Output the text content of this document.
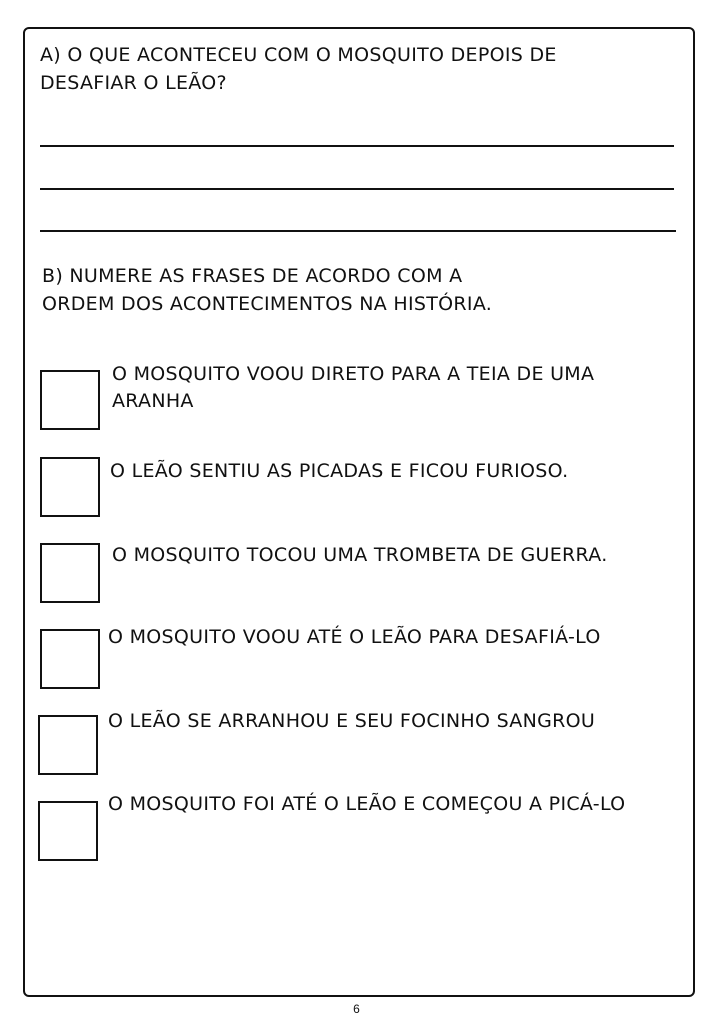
A) O QUE ACONTECEU COM O MOSQUITO DEPOIS DE

DESAFIAR O LEÃO?

B) NUMERE AS FRASES DE ACORDO COM A

ORDEM DOS ACONTECIMENTOS NA HISTÓRIA.

O MOSQUITO VOOU DIRETO PARA A TEIA DE UMA

ARANHA

O LEÃO SENTIU AS PICADAS E FICOU FURIOSO.

O MOSQUITO TOCOU UMA TROMBETA DE GUERRA.

O MOSQUITO VOOU ATÉ O LEÃO PARA DESAFIÁ-LO

O LEÃO SE ARRANHOU E SEU FOCINHO SANGROU

O MOSQUITO FOI ATÉ O LEÃO E COMEÇOU A PICÁ-LO

6
